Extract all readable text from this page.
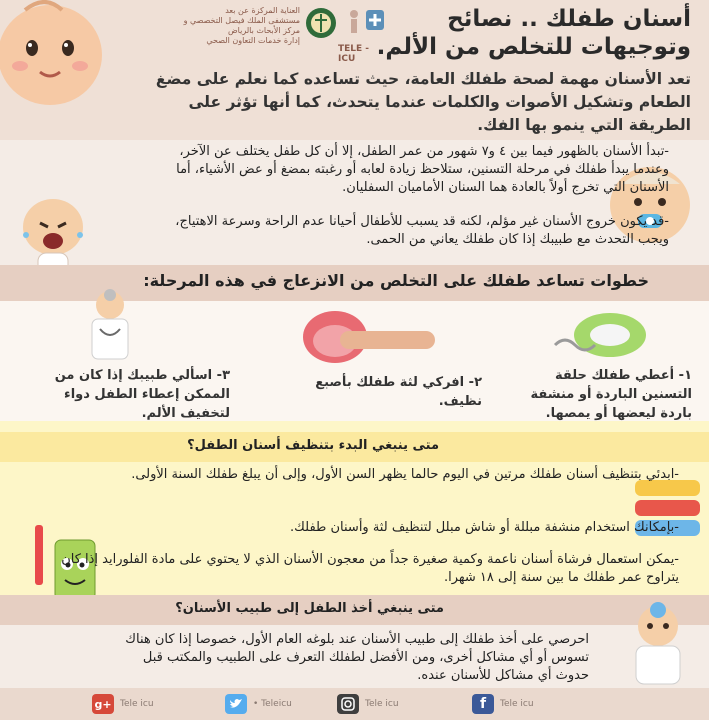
أسنان طفلك .. نصائح
وتوجيهات للتخلص من الألم.
العناية المركزة عن بعد
مستشفى الملك فيصل التخصصي و مركز الأبحاث بالرياض
إدارة خدمات التعاون الصحي
TELE - ICU
تعد الأسنان مهمة لصحة طفلك العامة، حيث تساعده كما نعلم على مضغ الطعام وتشكيل الأصوات والكلمات عندما يتحدث، كما أنها تؤثر على الطريقة التي ينمو بها الفك.
-تبدأ الأسنان بالظهور فيما بين ٤ و٧ شهور من عمر الطفل، إلا أن كل طفل يختلف عن الآخر، وعندما يبدأ طفلك في مرحلة التسنين، ستلاحظ زيادة لعابه أو رغبته بمضغ أو عض الأشياء، أما الأسنان التي تخرج أولاً بالعادة هما السنان الأماميان السفليان.
-قد يكون خروج الأسنان غير مؤلم، لكنه قد يسبب للأطفال أحيانا عدم الراحة وسرعة الاهتياج، ويجب التحدث مع طبيبك إذا كان طفلك يعاني من الحمى.
خطوات تساعد طفلك على التخلص من الانزعاج في هذه المرحلة:
١- أعطي طفلك حلقة التسنين الباردة أو منشفة باردة ليعضها أو يمصها.
٢- افركي لثة طفلك بأصبع نظيف.
٣- اسألي طبيبك إذا كان من الممكن إعطاء الطفل دواء لتخفيف الألم.
متى ينبغي البدء بتنظيف أسنان الطفل؟
-ابدئي بتنظيف أسنان طفلك مرتين في اليوم حالما يظهر السن الأول، وإلى أن يبلغ طفلك السنة الأولى.
-بإمكانك استخدام منشفة مبللة أو شاش مبلل لتنظيف لثة وأسنان طفلك.
-يمكن استعمال فرشاة أسنان ناعمة وكمية صغيرة جداً من معجون الأسنان الذي لا يحتوي على مادة الفلورايد إذا كان يتراوح عمر طفلك ما بين سنة إلى ١٨ شهرا.
متى ينبغي أخذ الطفل إلى طبيب الأسنان؟
احرصي على أخذ طفلك إلى طبيب الأسنان عند بلوغه العام الأول، خصوصا إذا كان هناك تسوس أو أي مشاكل أخرى، ومن الأفضل لطفلك التعرف على الطبيب والمكتب قبل حدوث أي مشاكل للأسنان عنده.
g+ Tele icu	• Teleicu	Tele icu	f	Tele icu
